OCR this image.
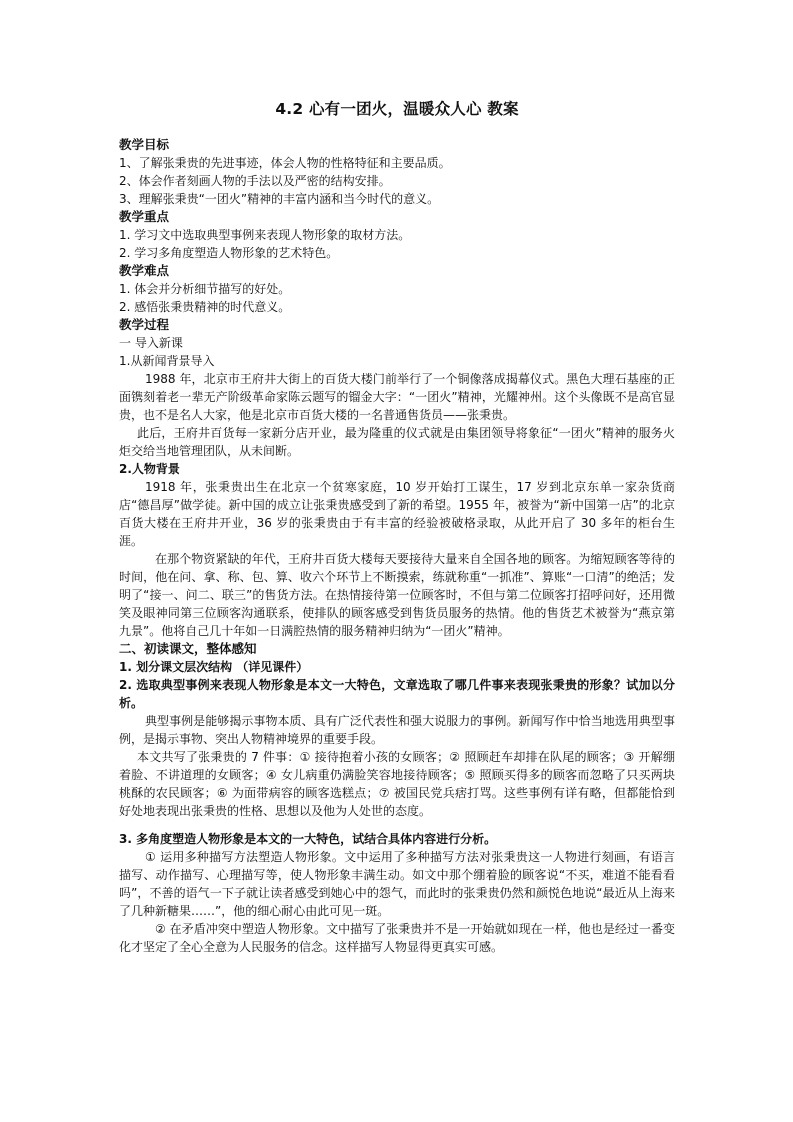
4.2 心有一团火，温暖众人心 教案
教学目标
1、了解张秉贵的先进事迹，体会人物的性格特征和主要品质。
2、体会作者刻画人物的手法以及严密的结构安排。
3、理解张秉贵“一团火”精神的丰富内涵和当今时代的意义。
教学重点
1. 学习文中选取典型事例来表现人物形象的取材方法。
2. 学习多角度塑造人物形象的艺术特色。
教学难点
1. 体会并分析细节描写的好处。
2. 感悟张秉贵精神的时代意义。
教学过程
一 导入新课
1.从新闻背景导入
1988 年，北京市王府井大街上的百货大楼门前举行了一个铜像落成揭幕仪式。黑色大理石基座的正面镌刻着老一辈无产阶级革命家陈云题写的镏金大字：“一团火”精神，光耀神州。这个头像既不是高官显贵，也不是名人大家，他是北京市百货大楼的一名普通售货员——张秉贵。
此后，王府井百货每一家新分店开业，最为隆重的仪式就是由集团领导将象征“一团火”精神的服务火炬交给当地管理团队，从未间断。
2.人物背景
1918 年，张秉贵出生在北京一个贫寒家庭，10 岁开始打工谋生，17 岁到北京东单一家杂货商店“德昌厚”做学徒。新中国的成立让张秉贵感受到了新的希望。1955 年，被誉为“新中国第一店”的北京百货大楼在王府井开业，36 岁的张秉贵由于有丰富的经验被破格录取，从此开启了 30 多年的柜台生涯。
在那个物资紧缺的年代，王府井百货大楼每天要接待大量来自全国各地的顾客。为缩短顾客等待的时间，他在问、拿、称、包、算、收六个环节上不断摸索，练就称重“一抓准”、算账“一口清”的绝活；发明了“接一、问二、联三”的售货方法。在热情接待第一位顾客时，不但与第二位顾客打招呼问好，还用微笑及眼神同第三位顾客沟通联系，使排队的顾客感受到售货员服务的热情。他的售货艺术被誉为“燕京第九景”。他将自己几十年如一日满腔热情的服务精神归纳为“一团火”精神。
二、初读课文，整体感知
1. 划分课文层次结构 （详见课件）
2. 选取典型事例来表现人物形象是本文一大特色，文章选取了哪几件事来表现张秉贵的形象？试加以分析。
典型事例是能够揭示事物本质、具有广泛代表性和强大说服力的事例。新闻写作中恰当地选用典型事例，是揭示事物、突出人物精神境界的重要手段。
本文共写了张秉贵的 7 件事：① 接待抱着小孩的女顾客；② 照顾赶车却排在队尾的顾客；③ 开解绷着脸、不讲道理的女顾客；④ 女儿病重仍满脸笑容地接待顾客；⑤ 照顾买得多的顾客而忽略了只买两块桃酥的农民顾客；⑥ 为面带病容的顾客选糕点；⑦ 被国民党兵痞打骂。这些事例有详有略，但都能恰到好处地表现出张秉贵的性格、思想以及他为人处世的态度。
3. 多角度塑造人物形象是本文的一大特色，试结合具体内容进行分析。
① 运用多种描写方法塑造人物形象。文中运用了多种描写方法对张秉贵这一人物进行刻画，有语言描写、动作描写、心理描写等，使人物形象丰满生动。如文中那个绷着脸的顾客说“不买，难道不能看看吗”，不善的语气一下子就让读者感受到她心中的怨气，而此时的张秉贵仍然和颜悦色地说“最近从上海来了几种新糖果……”，他的细心耐心由此可见一斑。
② 在矛盾冲突中塑造人物形象。文中描写了张秉贵并不是一开始就如现在一样，他也是经过一番变化才坚定了全心全意为人民服务的信念。这样描写人物显得更真实可感。
